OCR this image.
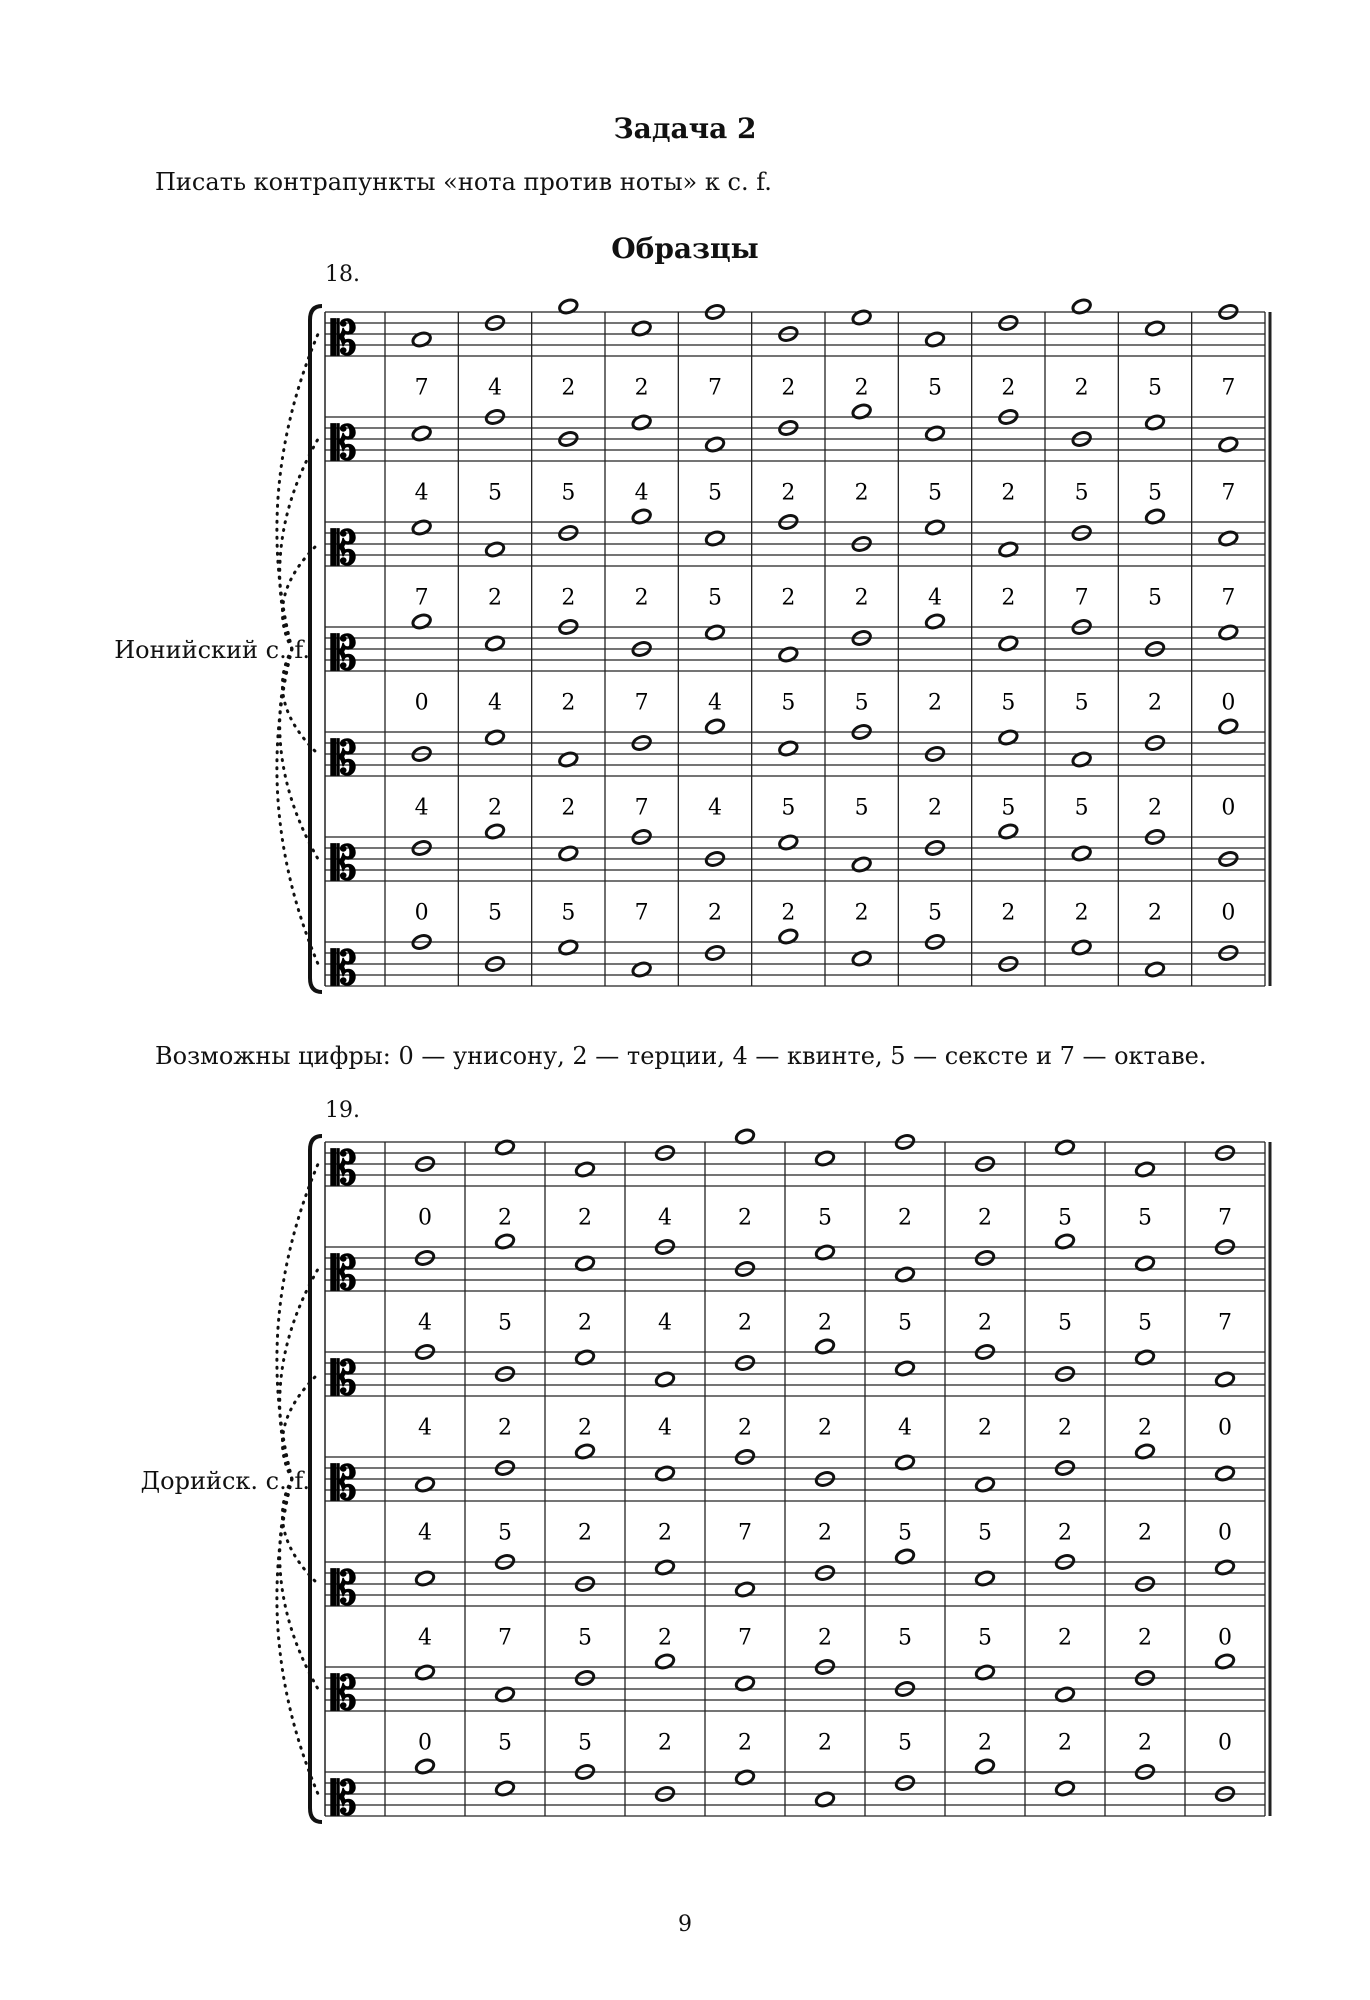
Задача 2
Писать контрапункты «нота против ноты» к с. f.
Образцы
18.
Ионийский с. f.
𝄡
𝄡
𝄡
𝄡
𝄡
𝄡
𝄡
7	4	2	2	7	2	2	5	2	2	5	7
4	5	5	4	5	2	2	5	2	5	5	7
7	2	2	2	5	2	2	4	2	7	5	7
0	4	2	7	4	5	5	2	5	5	2	0
4	2	2	7	4	5	5	2	5	5	2	0
0	5	5	7	2	2	2	5	2	2	2	0
Возможны цифры: 0 — унисону, 2 — терции, 4 — квинте, 5 — сексте и 7 — октаве.
19.
Дорийск. с. f.
𝄡
𝄡
𝄡
𝄡
𝄡
𝄡
𝄡
0	2	2	4	2	5	2	2	5	5	7
4	5	2	4	2	2	5	2	5	5	7
4	2	2	4	2	2	4	2	2	2	0
4	5	2	2	7	2	5	5	2	2	0
4	7	5	2	7	2	5	5	2	2	0
0	5	5	2	2	2	5	2	2	2	0
9
